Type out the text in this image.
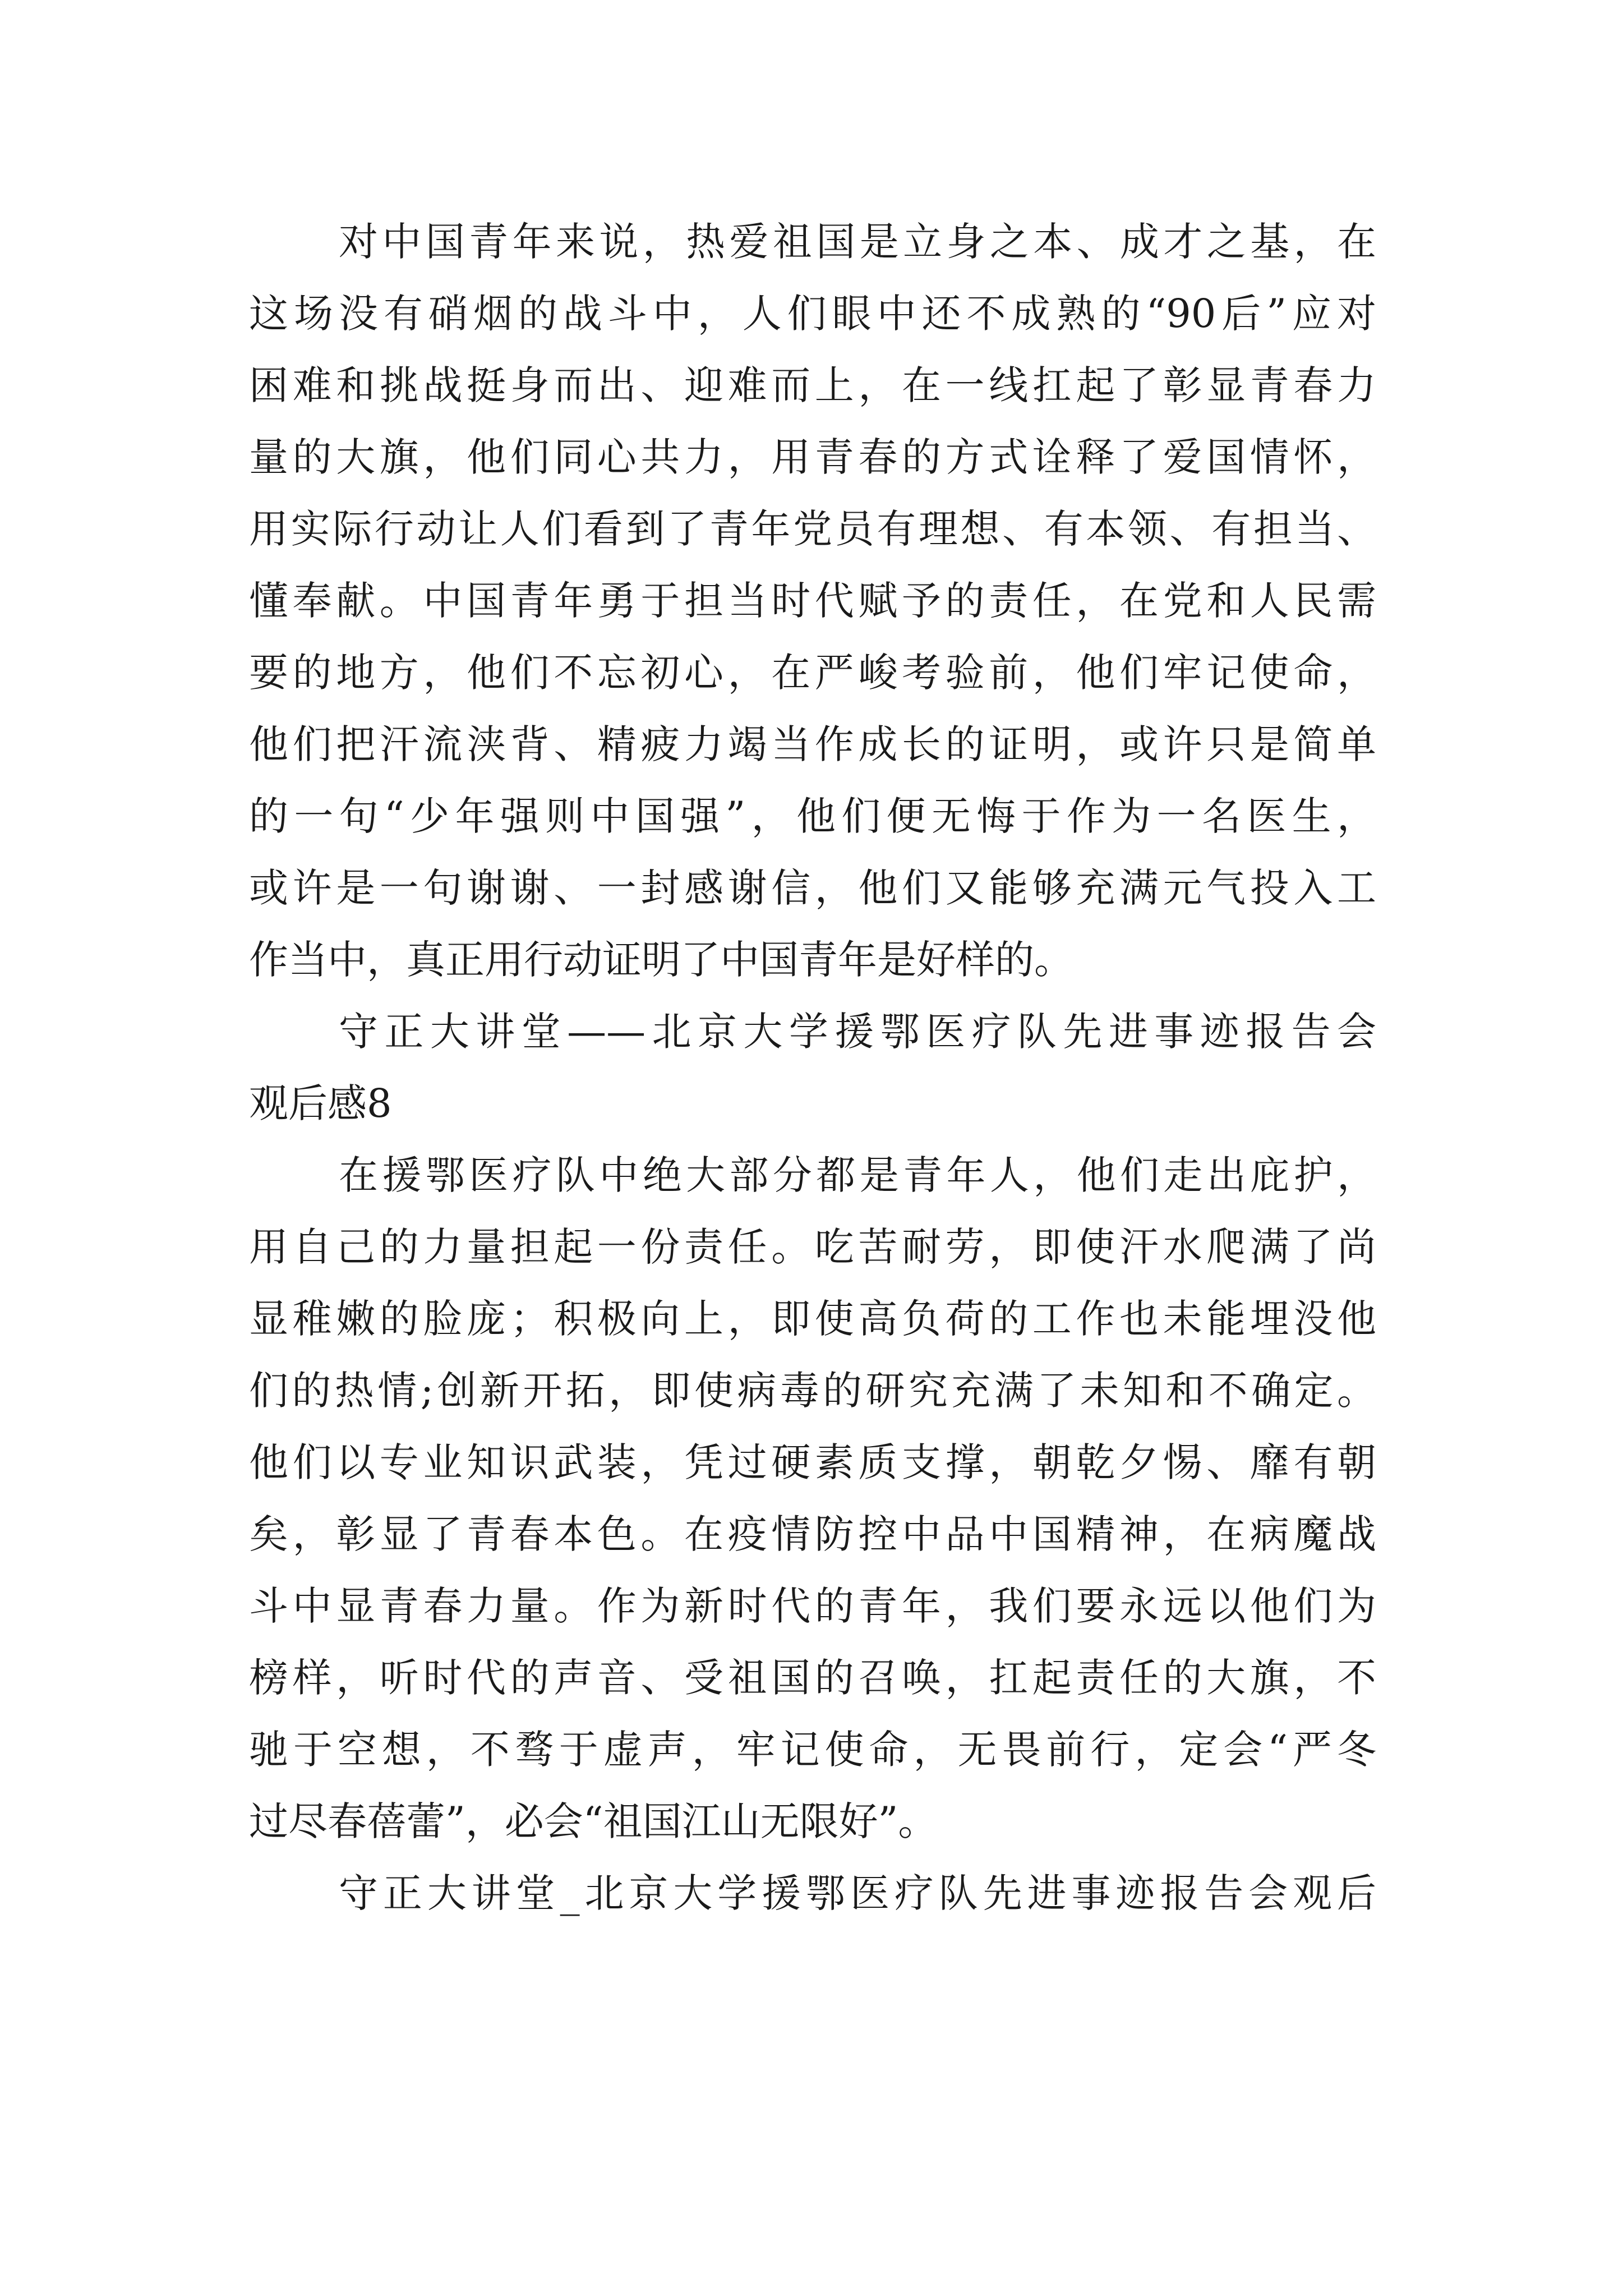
对中国青年来说，热爱祖国是立身之本、成才之基，在
这场没有硝烟的战斗中，人们眼中还不成熟的“90后”应对
困难和挑战挺身而出、迎难而上，在一线扛起了彰显青春力
量的大旗，他们同心共力，用青春的方式诠释了爱国情怀，
用实际行动让人们看到了青年党员有理想、有本领、有担当、
懂奉献。中国青年勇于担当时代赋予的责任，在党和人民需
要的地方，他们不忘初心，在严峻考验前，他们牢记使命，
他们把汗流浃背、精疲力竭当作成长的证明，或许只是简单
的一句“少年强则中国强”，他们便无悔于作为一名医生，
或许是一句谢谢、一封感谢信，他们又能够充满元气投入工
作当中，真正用行动证明了中国青年是好样的。
守正大讲堂——北京大学援鄂医疗队先进事迹报告会
观后感8
在援鄂医疗队中绝大部分都是青年人，他们走出庇护，
用自己的力量担起一份责任。吃苦耐劳，即使汗水爬满了尚
显稚嫩的脸庞；积极向上，即使高负荷的工作也未能埋没他
们的热情;创新开拓，即使病毒的研究充满了未知和不确定。
他们以专业知识武装，凭过硬素质支撑，朝乾夕惕、靡有朝
矣，彰显了青春本色。在疫情防控中品中国精神，在病魔战
斗中显青春力量。作为新时代的青年，我们要永远以他们为
榜样，听时代的声音、受祖国的召唤，扛起责任的大旗，不
驰于空想，不骛于虚声，牢记使命，无畏前行，定会“严冬
过尽春蓓蕾”，必会“祖国江山无限好”。
守正大讲堂_北京大学援鄂医疗队先进事迹报告会观后
